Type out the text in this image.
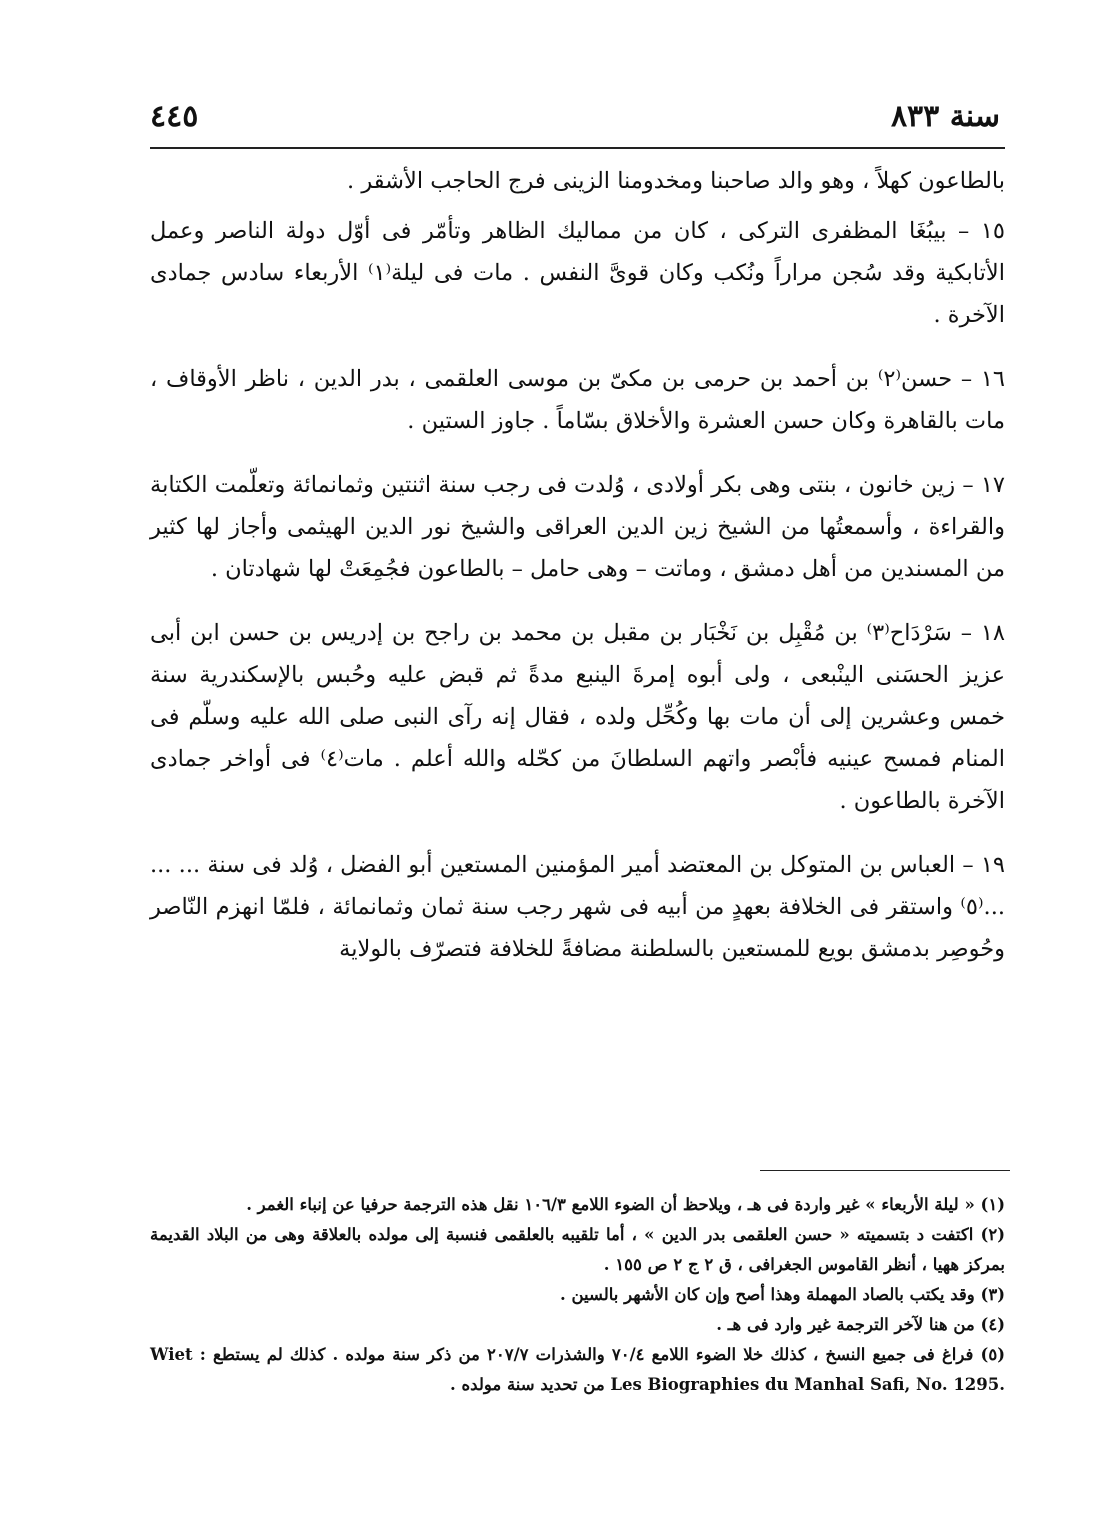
سنة ٨٣٣
٤٤٥

بالطاعون كهلاً ، وهو والد صاحبنا ومخدومنا الزينى فرج الحاجب الأشقر .

١٥ – بيبُغَا المظفرى التركى ، كان من مماليك الظاهر وتأمّر فى أوّل دولة الناصر وعمل الأتابكية وقد سُجن مراراً ونُكب وكان قوىَّ النفس . مات فى ليلة⁽١⁾ الأربعاء سادس جمادى الآخرة .

١٦ – حسن⁽٢⁾ بن أحمد بن حرمى بن مكىّ بن موسى العلقمى ، بدر الدين ، ناظر الأوقاف ، مات بالقاهرة وكان حسن العشرة والأخلاق بسّاماً . جاوز الستين .

١٧ – زين خانون ، بنتى وهى بكر أولادى ، وُلدت فى رجب سنة اثنتين وثمانمائة وتعلّمت الكتابة والقراءة ، وأسمعتُها من الشيخ زين الدين العراقى والشيخ نور الدين الهيثمى وأجاز لها كثير من المسندين من أهل دمشق ، وماتت – وهى حامل – بالطاعون فجُمِعَتْ لها شهادتان .

١٨ – سَرْدَاح⁽٣⁾ بن مُقْبِل بن نَخْبَار بن مقبل بن محمد بن راجح بن إدريس بن حسن ابن أبى عزيز الحسَنى الينْبعى ، ولى أبوه إمرةَ الينبع مدةً ثم قبض عليه وحُبس بالإسكندرية سنة خمس وعشرين إلى أن مات بها وكُحِّل ولده ، فقال إنه رآى النبى صلى الله عليه وسلّم فى المنام فمسح عينيه فأبْصر واتهم السلطانَ من كحّله والله أعلم . مات⁽٤⁾ فى أواخر جمادى الآخرة بالطاعون .

١٩ – العباس بن المتوكل بن المعتضد أمير المؤمنين المستعين أبو الفضل ، وُلد فى سنة ... ... ...⁽٥⁾ واستقر فى الخلافة بعهدٍ من أبيه فى شهر رجب سنة ثمان وثمانمائة ، فلمّا انهزم النّاصر وحُوصِر بدمشق بويع للمستعين بالسلطنة مضافةً للخلافة فتصرّف بالولاية

(١) « ليلة الأربعاء » غير واردة فى هـ ، ويلاحظ أن الضوء اللامع ١٠٦/٣ نقل هذه الترجمة حرفيا عن إنباء الغمر .

(٢) اكتفت د بتسميته « حسن العلقمى بدر الدين » ، أما تلقيبه بالعلقمى فنسبة إلى مولده بالعلاقة وهى من البلاد القديمة بمركز ههيا ، أنظر القاموس الجغرافى ، ق ٢ ج ٢ ص ١٥٥ .

(٣) وقد يكتب بالصاد المهملة وهذا أصح وإن كان الأشهر بالسين .

(٤) من هنا لآخر الترجمة غير وارد فى هـ .

(٥) فراغ فى جميع النسخ ، كذلك خلا الضوء اللامع ٧٠/٤ والشذرات ٢٠٧/٧ من ذكر سنة مولده . كذلك لم يستطع Wiet : Les Biographies du Manhal Safi, No. 1295. من تحديد سنة مولده .
